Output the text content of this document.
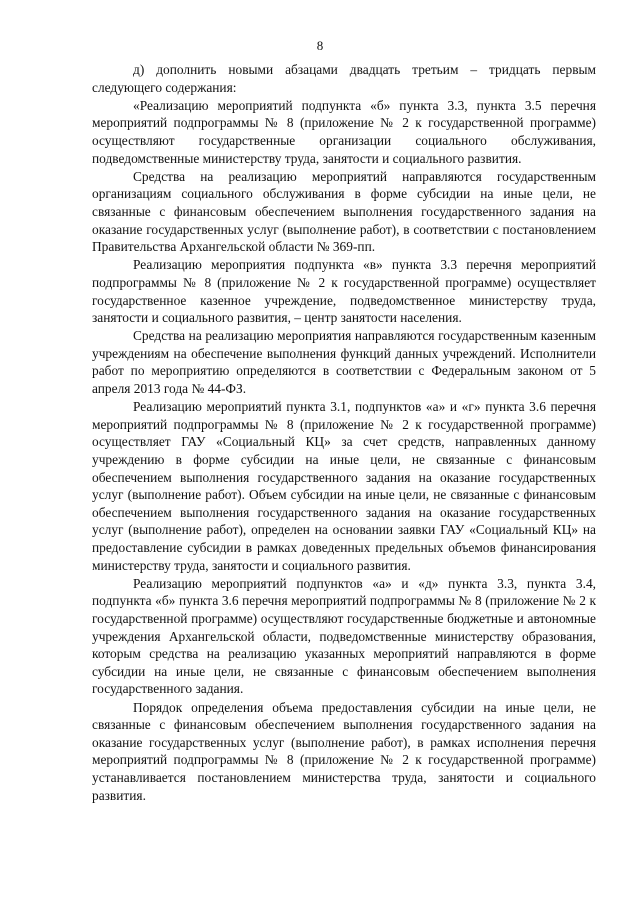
8

д) дополнить новыми абзацами двадцать третьим – тридцать первым следующего содержания:

«Реализацию мероприятий подпункта «б» пункта 3.3, пункта 3.5 перечня мероприятий подпрограммы № 8 (приложение № 2 к государственной программе) осуществляют государственные организации социального обслуживания, подведомственные министерству труда, занятости и социального развития.

Средства на реализацию мероприятий направляются государственным организациям социального обслуживания в форме субсидии на иные цели, не связанные с финансовым обеспечением выполнения государственного задания на оказание государственных услуг (выполнение работ), в соответствии с постановлением Правительства Архангельской области № 369-пп.

Реализацию мероприятия подпункта «в» пункта 3.3 перечня мероприятий подпрограммы № 8 (приложение № 2 к государственной программе) осуществляет государственное казенное учреждение, подведомственное министерству труда, занятости и социального развития, – центр занятости населения.

Средства на реализацию мероприятия направляются государственным казенным учреждениям на обеспечение выполнения функций данных учреждений. Исполнители работ по мероприятию определяются в соответствии с Федеральным законом от 5 апреля 2013 года № 44-ФЗ.

Реализацию мероприятий пункта 3.1, подпунктов «а» и «г» пункта 3.6 перечня мероприятий подпрограммы № 8 (приложение № 2 к государственной программе) осуществляет ГАУ «Социальный КЦ» за счет средств, направленных данному учреждению в форме субсидии на иные цели, не связанные с финансовым обеспечением выполнения государственного задания на оказание государственных услуг (выполнение работ). Объем субсидии на иные цели, не связанные с финансовым обеспечением выполнения государственного задания на оказание государственных услуг (выполнение работ), определен на основании заявки ГАУ «Социальный КЦ» на предоставление субсидии в рамках доведенных предельных объемов финансирования министерству труда, занятости и социального развития.

Реализацию мероприятий подпунктов «а» и «д» пункта 3.3, пункта 3.4, подпункта «б» пункта 3.6 перечня мероприятий подпрограммы № 8 (приложение № 2 к государственной программе) осуществляют государственные бюджетные и автономные учреждения Архангельской области, подведомственные министерству образования, которым средства на реализацию указанных мероприятий направляются в форме субсидии на иные цели, не связанные с финансовым обеспечением выполнения государственного задания.

Порядок определения объема предоставления субсидии на иные цели, не связанные с финансовым обеспечением выполнения государственного задания на оказание государственных услуг (выполнение работ), в рамках исполнения перечня мероприятий подпрограммы № 8 (приложение № 2 к государственной программе) устанавливается постановлением министерства труда, занятости и социального развития.
